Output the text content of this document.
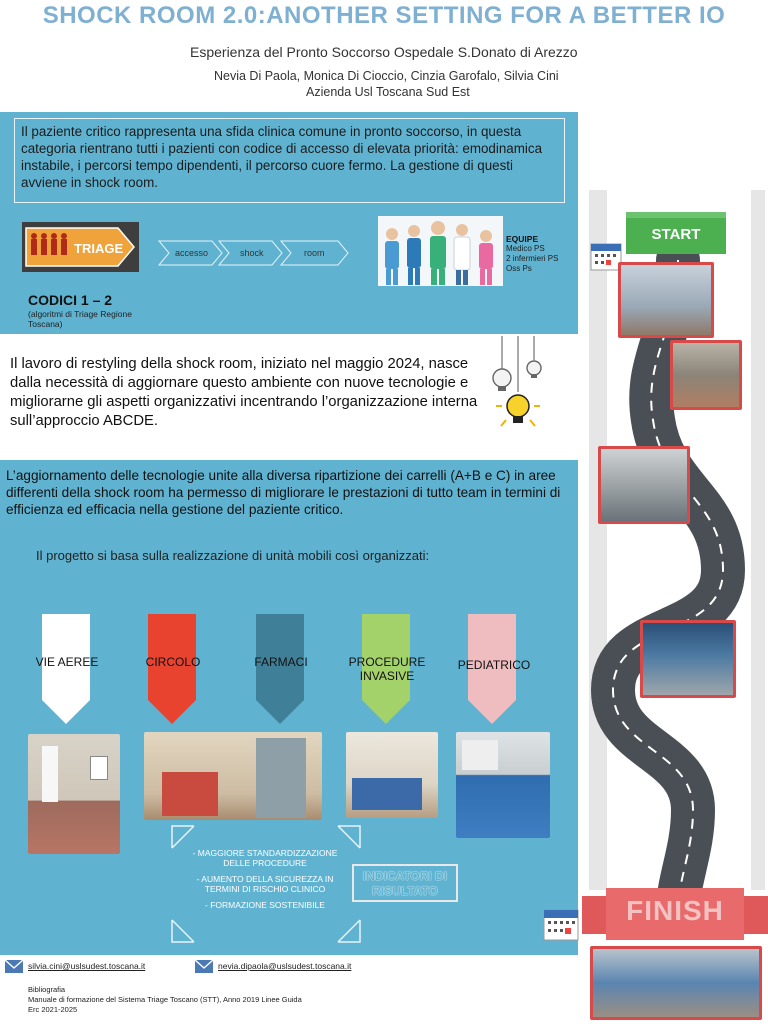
SHOCK ROOM 2.0:ANOTHER SETTING FOR A BETTER IO
Esperienza del Pronto Soccorso Ospedale S.Donato di Arezzo
Nevia Di Paola, Monica Di Cioccio, Cinzia Garofalo, Silvia Cini
Azienda Usl Toscana Sud Est
Il paziente critico rappresenta una sfida clinica comune in pronto soccorso, in questa categoria rientrano tutti i pazienti con codice di accesso di elevata priorità: emodinamica instabile, i percorsi tempo dipendenti, il percorso cuore fermo. La gestione di questi avviene in shock room.
TRIAGE	accesso	shock	room
EQUIPE
Medico PS
2 infermieri PS
Oss Ps
CODICI 1 – 2
(algoritmi di Triage Regione
Toscana)
Il lavoro di restyling della shock room, iniziato nel maggio 2024, nasce dalla necessità di aggiornare questo ambiente con nuove tecnologie e migliorarne gli aspetti organizzativi incentrando l’organizzazione interna sull’approccio ABCDE.
L’aggiornamento delle tecnologie unite alla diversa ripartizione dei carrelli (A+B e C) in aree differenti della shock room ha permesso di migliorare le prestazioni di tutto team in termini di efficienza ed efficacia nella gestione del paziente critico.
Il progetto si basa sulla realizzazione di unità mobili così organizzati:
VIE AEREE	CIRCOLO	FARMACI	PROCEDURE INVASIVE
PEDIATRICO
- MAGGIORE STANDARDIZZAZIONE DELLE PROCEDURE
- AUMENTO DELLA SICUREZZA IN TERMINI DI RISCHIO CLINICO
- FORMAZIONE SOSTENIBILE
INDICATORI DI RISULTATO
START
FINISH
silvia.cini@uslsudest.toscana.it	nevia.dipaola@uslsudest.toscana.it
Bibliografia
Manuale di formazione del Sistema Triage Toscano (STT), Anno 2019 Linee Guida
Erc 2021-2025
